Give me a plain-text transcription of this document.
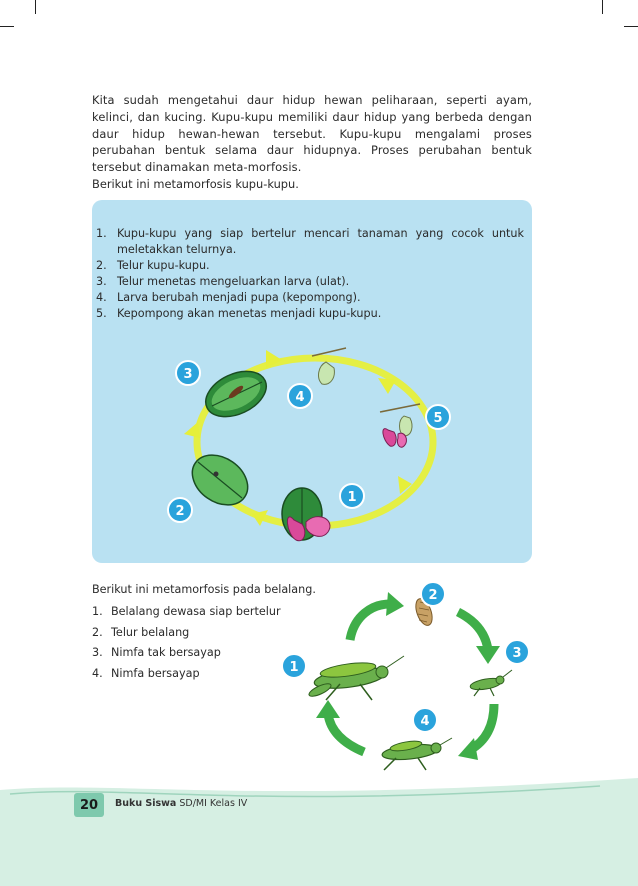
Kita sudah mengetahui daur hidup hewan peliharaan, seperti ayam, kelinci, dan kucing. Kupu-kupu memiliki daur hidup yang berbeda dengan daur hidup hewan-hewan tersebut. Kupu-kupu mengalami proses perubahan bentuk selama daur hidupnya. Proses perubahan bentuk tersebut dinamakan meta-morfosis.

Berikut ini metamorfosis kupu-kupu.
1. Kupu-kupu yang siap bertelur mencari tanaman yang cocok untuk meletakkan telurnya.
2. Telur kupu-kupu.
3. Telur menetas mengeluarkan larva (ulat).
4. Larva berubah menjadi pupa (kepompong).
5. Kepompong akan menetas menjadi kupu-kupu.
1
2
3
4
5
Berikut ini metamorfosis pada belalang.
1. Belalang dewasa siap bertelur
2. Telur belalang
3. Nimfa tak bersayap
4. Nimfa bersayap	1
2
3
4
20 Buku Siswa SD/MI Kelas IV
